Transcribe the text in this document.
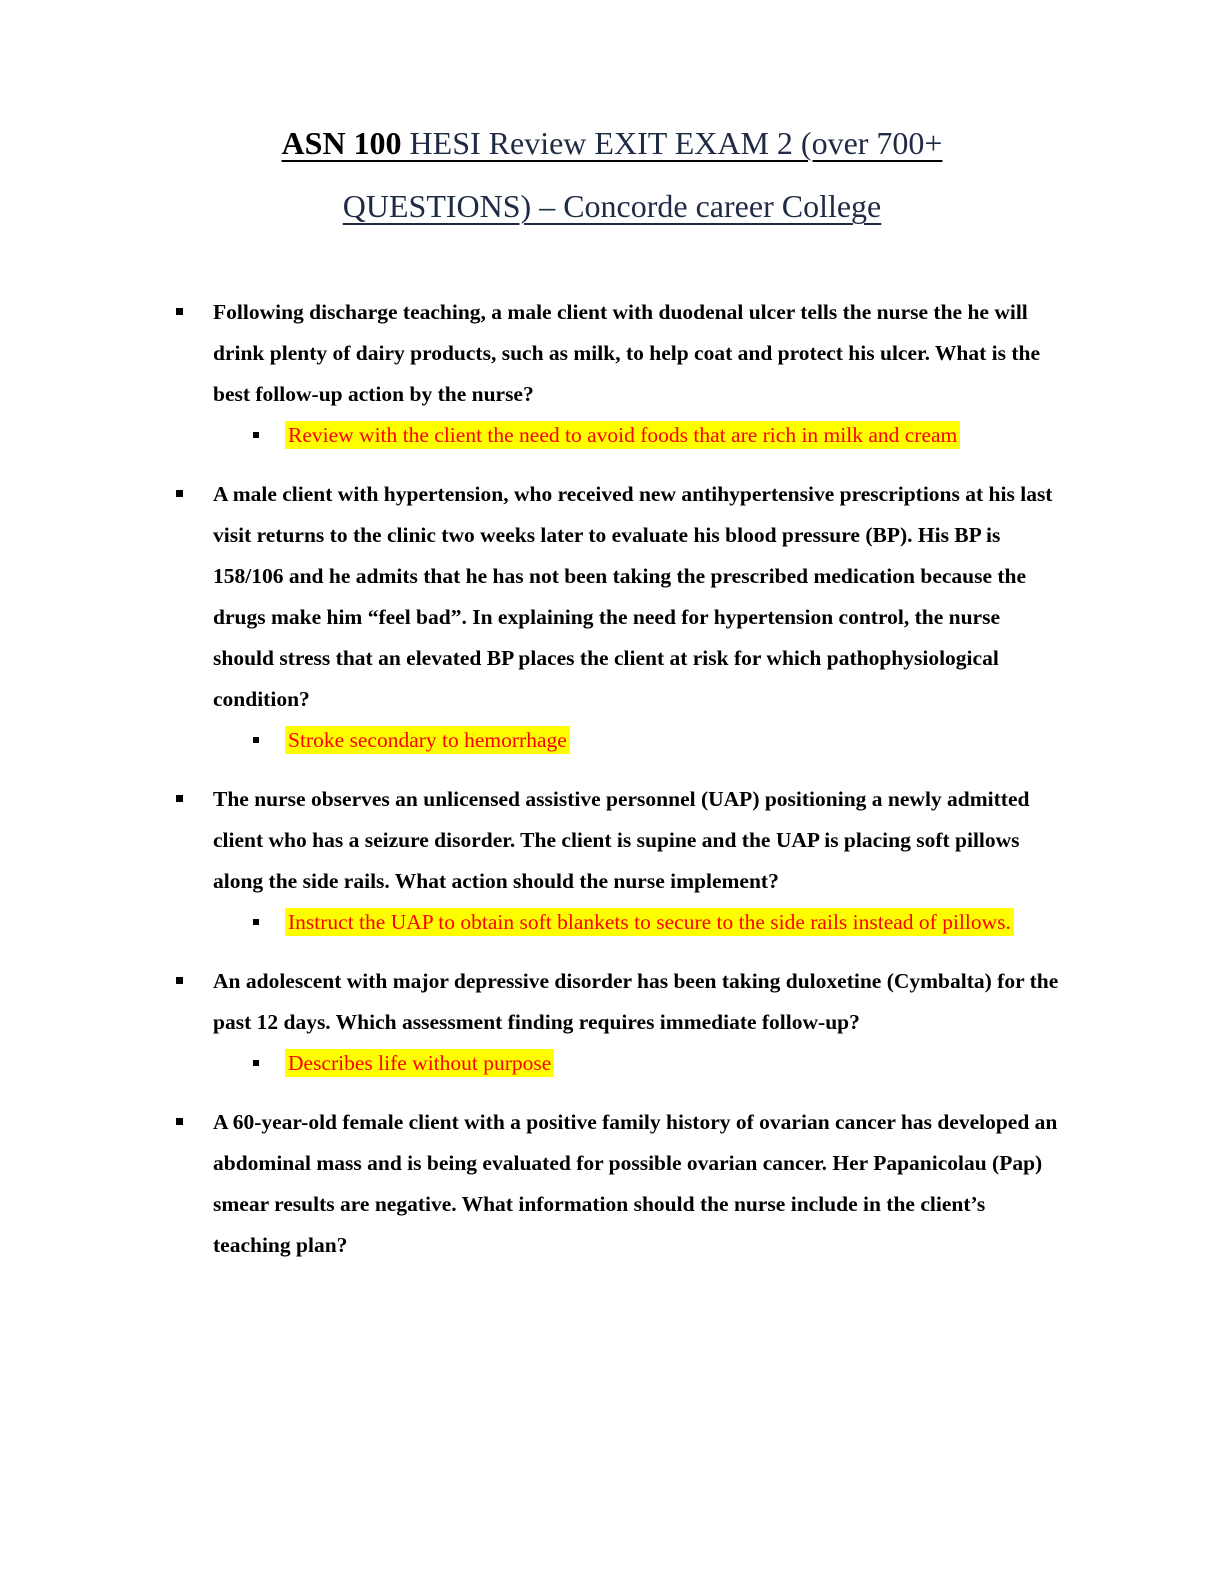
ASN 100 HESI Review EXIT EXAM 2 (over 700+
QUESTIONS) – Concorde career College
Following discharge teaching, a male client with duodenal ulcer tells the nurse the he will drink plenty of dairy products, such as milk, to help coat and protect his ulcer. What is the best follow-up action by the nurse?
Review with the client the need to avoid foods that are rich in milk and cream
A male client with hypertension, who received new antihypertensive prescriptions at his last visit returns to the clinic two weeks later to evaluate his blood pressure (BP). His BP is 158/106 and he admits that he has not been taking the prescribed medication because the drugs make him “feel bad”. In explaining the need for hypertension control, the nurse should stress that an elevated BP places the client at risk for which pathophysiological condition?
Stroke secondary to hemorrhage
The nurse observes an unlicensed assistive personnel (UAP) positioning a newly admitted client who has a seizure disorder. The client is supine and the UAP is placing soft pillows along the side rails. What action should the nurse implement?
Instruct the UAP to obtain soft blankets to secure to the side rails instead of pillows.
An adolescent with major depressive disorder has been taking duloxetine (Cymbalta) for the past 12 days. Which assessment finding requires immediate follow-up?
Describes life without purpose
A 60-year-old female client with a positive family history of ovarian cancer has developed an abdominal mass and is being evaluated for possible ovarian cancer. Her Papanicolau (Pap) smear results are negative. What information should the nurse include in the client’s teaching plan?
